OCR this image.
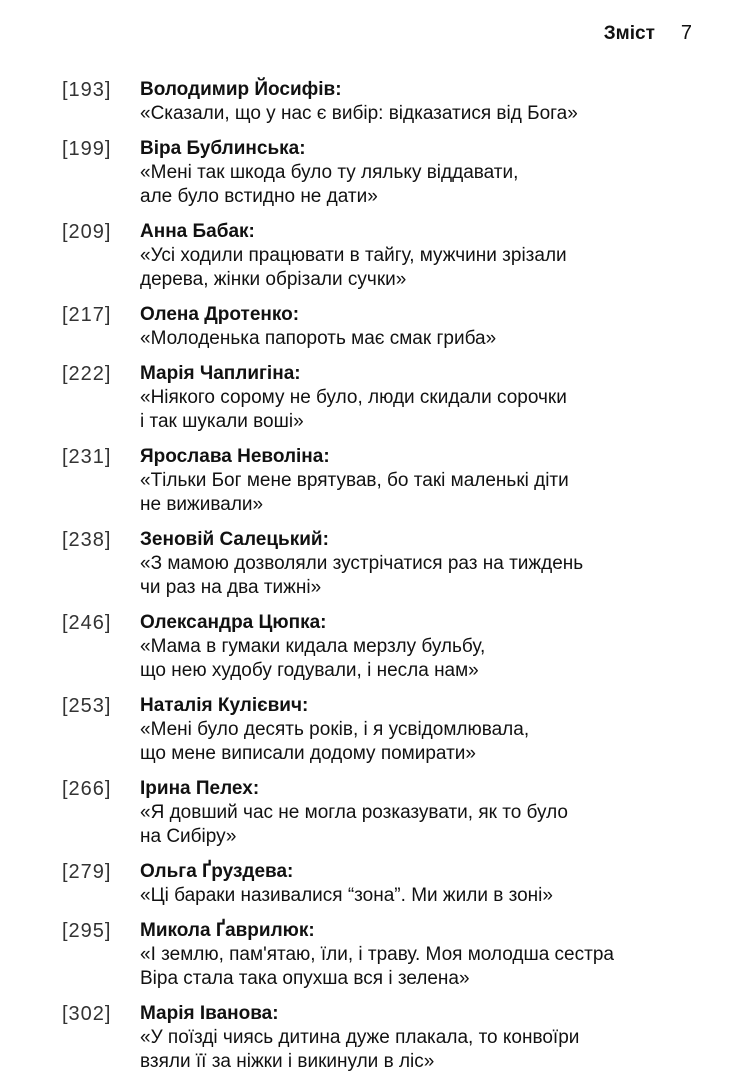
Зміст 7
[193]	Володимир Йосифів:
«Сказали, що у нас є вибір: відказатися від Бога»
[199]	Віра Бублинська:
«Мені так шкода було ту ляльку віддавати,
але було встидно не дати»
[209]	Анна Бабак:
«Усі ходили працювати в тайгу, мужчини зрізали
дерева, жінки обрізали сучки»
[217]	Олена Дротенко:
«Молоденька папороть має смак гриба»
[222]	Марія Чаплигіна:
«Ніякого сорому не було, люди скидали сорочки
і так шукали воші»
[231]	Ярослава Неволіна:
«Тільки Бог мене врятував, бо такі маленькі діти
не виживали»
[238]	Зеновій Салецький:
«З мамою дозволяли зустрічатися раз на тиждень
чи раз на два тижні»
[246]	Олександра Цюпка:
«Мама в гумаки кидала мерзлу бульбу,
що нею худобу годували, і несла нам»
[253]	Наталія Кулієвич:
«Мені було десять років, і я усвідомлювала,
що мене виписали додому помирати»
[266]	Ірина Пелех:
«Я довший час не могла розказувати, як то було
на Сибіру»
[279]	Ольга Ґруздева:
«Ці бараки називалися “зона”. Ми жили в зоні»
[295]	Микола Ґаврилюк:
«І землю, пам'ятаю, їли, і траву. Моя молодша сестра
Віра стала така опухша вся і зелена»
[302]	Марія Іванова:
«У поїзді чиясь дитина дуже плакала, то конвоїри
взяли її за ніжки і викинули в ліс»
